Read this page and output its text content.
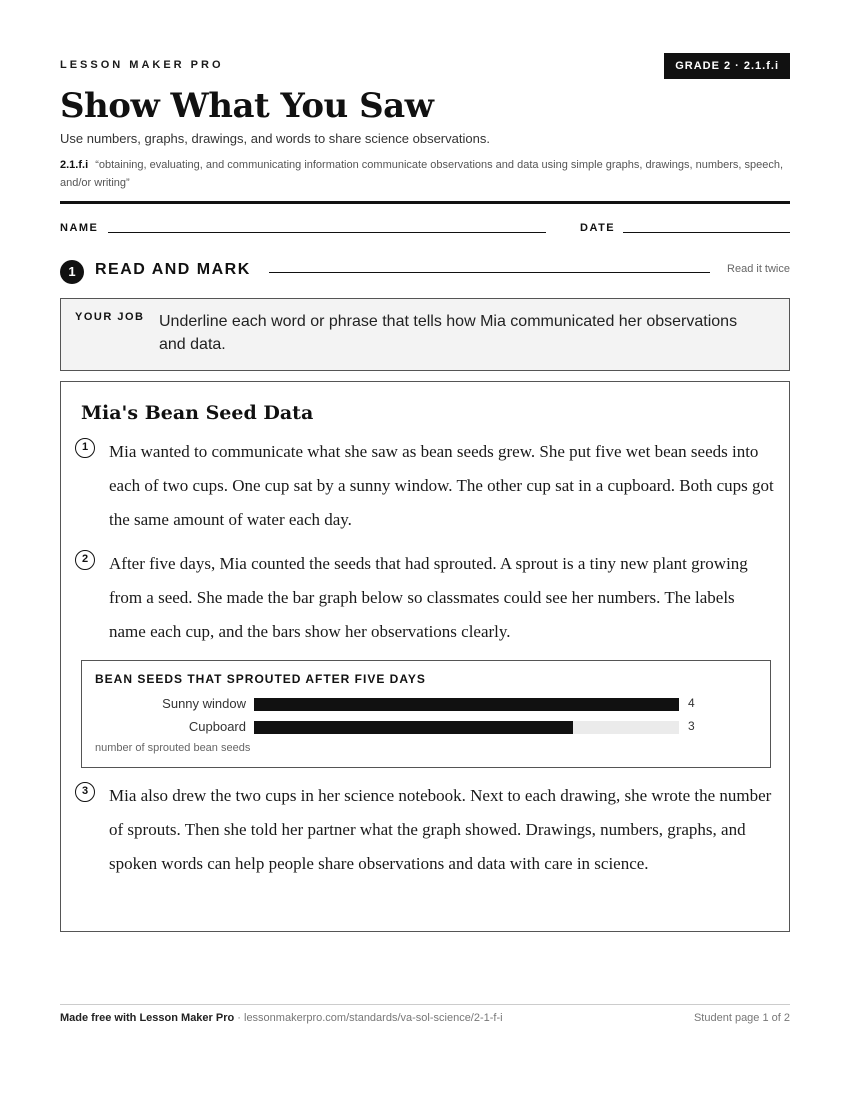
LESSON MAKER PRO	GRADE 2 · 2.1.f.i
Show What You Saw
Use numbers, graphs, drawings, and words to share science observations.
2.1.f.i “obtaining, evaluating, and communicating information communicate observations and data using simple graphs, drawings, numbers, speech, and/or writing”
NAME	DATE
1	READ AND MARK	Read it twice
YOUR JOB Underline each word or phrase that tells how Mia communicated her observations and data.
Mia's Bean Seed Data
1	Mia wanted to communicate what she saw as bean seeds grew. She put five wet bean seeds into each of two cups. One cup sat by a sunny window. The other cup sat in a cupboard. Both cups got the same amount of water each day.
2	After five days, Mia counted the seeds that had sprouted. A sprout is a tiny new plant growing from a seed. She made the bar graph below so classmates could see her numbers. The labels name each cup, and the bars show her observations clearly.
BEAN SEEDS THAT SPROUTED AFTER FIVE DAYS
Sunny window	4
Cupboard	3
number of sprouted bean seeds
3	Mia also drew the two cups in her science notebook. Next to each drawing, she wrote the number of sprouts. Then she told her partner what the graph showed. Drawings, numbers, graphs, and spoken words can help people share observations and data with care in science.
Made free with Lesson Maker Pro · lessonmakerpro.com/standards/va-sol-science/2-1-f-i	Student page 1 of 2
